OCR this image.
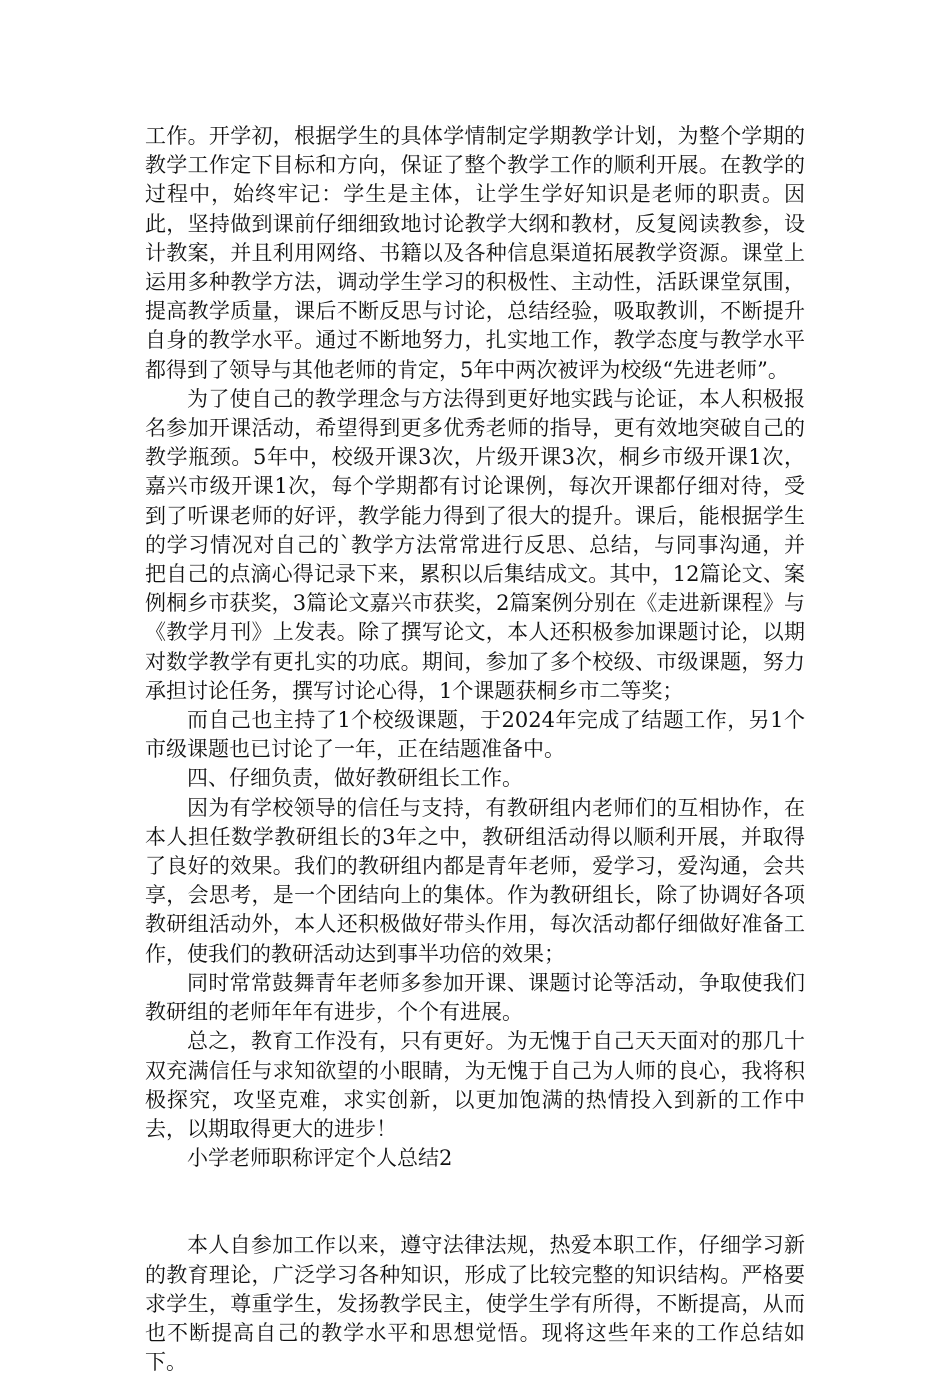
工作。开学初，根据学生的具体学情制定学期教学计划，为整个学期的教学工作定下目标和方向，保证了整个教学工作的顺利开展。在教学的过程中，始终牢记：学生是主体，让学生学好知识是老师的职责。因此，坚持做到课前仔细细致地讨论教学大纲和教材，反复阅读教参，设计教案，并且利用网络、书籍以及各种信息渠道拓展教学资源。课堂上运用多种教学方法，调动学生学习的积极性、主动性，活跃课堂氛围，提高教学质量，课后不断反思与讨论，总结经验，吸取教训，不断提升自身的教学水平。通过不断地努力，扎实地工作，教学态度与教学水平都得到了领导与其他老师的肯定，5年中两次被评为校级“先进老师”。

为了使自己的教学理念与方法得到更好地实践与论证，本人积极报名参加开课活动，希望得到更多优秀老师的指导，更有效地突破自己的教学瓶颈。5年中，校级开课3次，片级开课3次，桐乡市级开课1次，嘉兴市级开课1次，每个学期都有讨论课例，每次开课都仔细对待，受到了听课老师的好评，教学能力得到了很大的提升。课后，能根据学生的学习情况对自己的`教学方法常常进行反思、总结，与同事沟通，并把自己的点滴心得记录下来，累积以后集结成文。其中，12篇论文、案例桐乡市获奖，3篇论文嘉兴市获奖，2篇案例分别在《走进新课程》与《教学月刊》上发表。除了撰写论文，本人还积极参加课题讨论，以期对数学教学有更扎实的功底。期间，参加了多个校级、市级课题，努力承担讨论任务，撰写讨论心得，1个课题获桐乡市二等奖；

而自己也主持了1个校级课题，于2024年完成了结题工作，另1个市级课题也已讨论了一年，正在结题准备中。

四、仔细负责，做好教研组长工作。

因为有学校领导的信任与支持，有教研组内老师们的互相协作，在本人担任数学教研组长的3年之中，教研组活动得以顺利开展，并取得了良好的效果。我们的教研组内都是青年老师，爱学习，爱沟通，会共享，会思考，是一个团结向上的集体。作为教研组长，除了协调好各项教研组活动外，本人还积极做好带头作用，每次活动都仔细做好准备工作，使我们的教研活动达到事半功倍的效果；

同时常常鼓舞青年老师多参加开课、课题讨论等活动，争取使我们教研组的老师年年有进步，个个有进展。

总之，教育工作没有，只有更好。为无愧于自己天天面对的那几十双充满信任与求知欲望的小眼睛，为无愧于自己为人师的良心，我将积极探究，攻坚克难，求实创新，以更加饱满的热情投入到新的工作中去，以期取得更大的进步！

小学老师职称评定个人总结2

本人自参加工作以来，遵守法律法规，热爱本职工作，仔细学习新的教育理论，广泛学习各种知识，形成了比较完整的知识结构。严格要求学生，尊重学生，发扬教学民主，使学生学有所得，不断提高，从而也不断提高自己的教学水平和思想觉悟。现将这些年来的工作总结如下。
